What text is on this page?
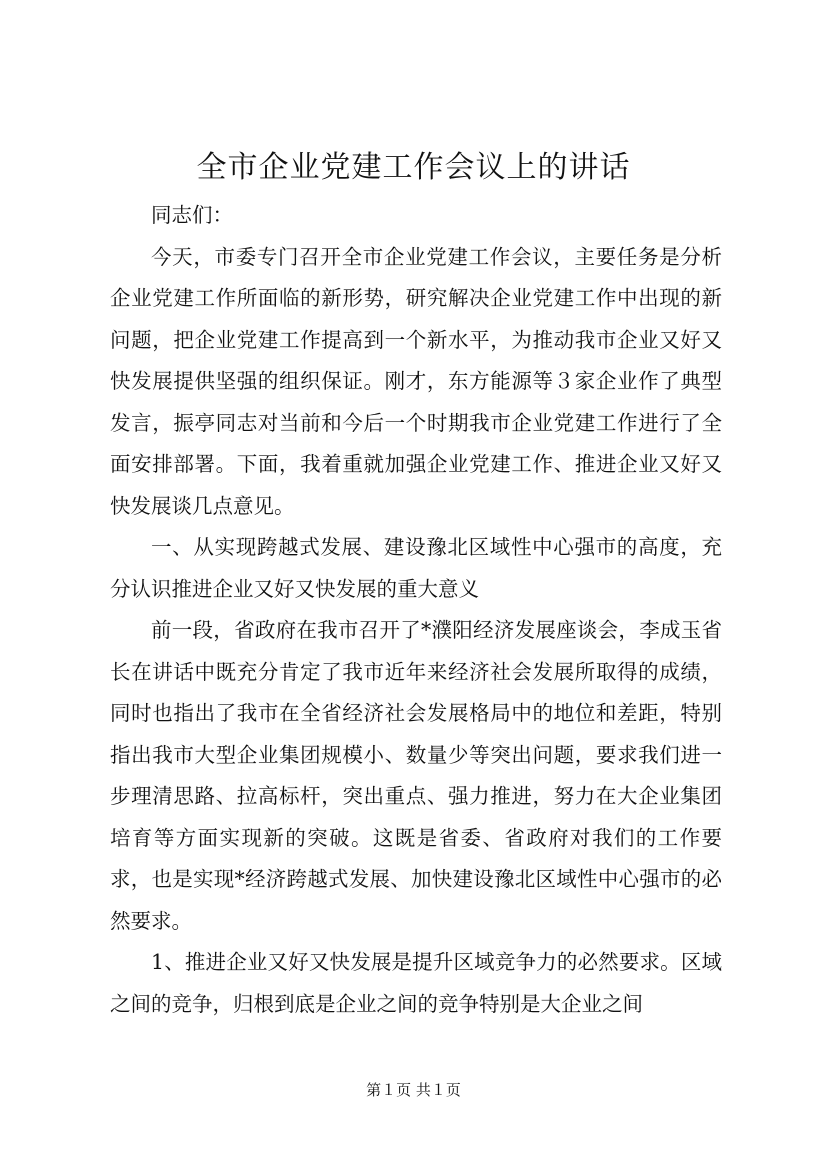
全市企业党建工作会议上的讲话

同志们：

今天，市委专门召开全市企业党建工作会议，主要任务是分析企业党建工作所面临的新形势，研究解决企业党建工作中出现的新问题，把企业党建工作提高到一个新水平，为推动我市企业又好又快发展提供坚强的组织保证。刚才，东方能源等３家企业作了典型发言，振亭同志对当前和今后一个时期我市企业党建工作进行了全面安排部署。下面，我着重就加强企业党建工作、推进企业又好又快发展谈几点意见。

一、从实现跨越式发展、建设豫北区域性中心强市的高度，充分认识推进企业又好又快发展的重大意义

前一段，省政府在我市召开了*濮阳经济发展座谈会，李成玉省长在讲话中既充分肯定了我市近年来经济社会发展所取得的成绩，同时也指出了我市在全省经济社会发展格局中的地位和差距，特别指出我市大型企业集团规模小、数量少等突出问题，要求我们进一步理清思路、拉高标杆，突出重点、强力推进，努力在大企业集团培育等方面实现新的突破。这既是省委、省政府对我们的工作要求，也是实现*经济跨越式发展、加快建设豫北区域性中心强市的必然要求。

1、推进企业又好又快发展是提升区域竞争力的必然要求。区域之间的竞争，归根到底是企业之间的竞争特别是大企业之间

第１页 共１页
